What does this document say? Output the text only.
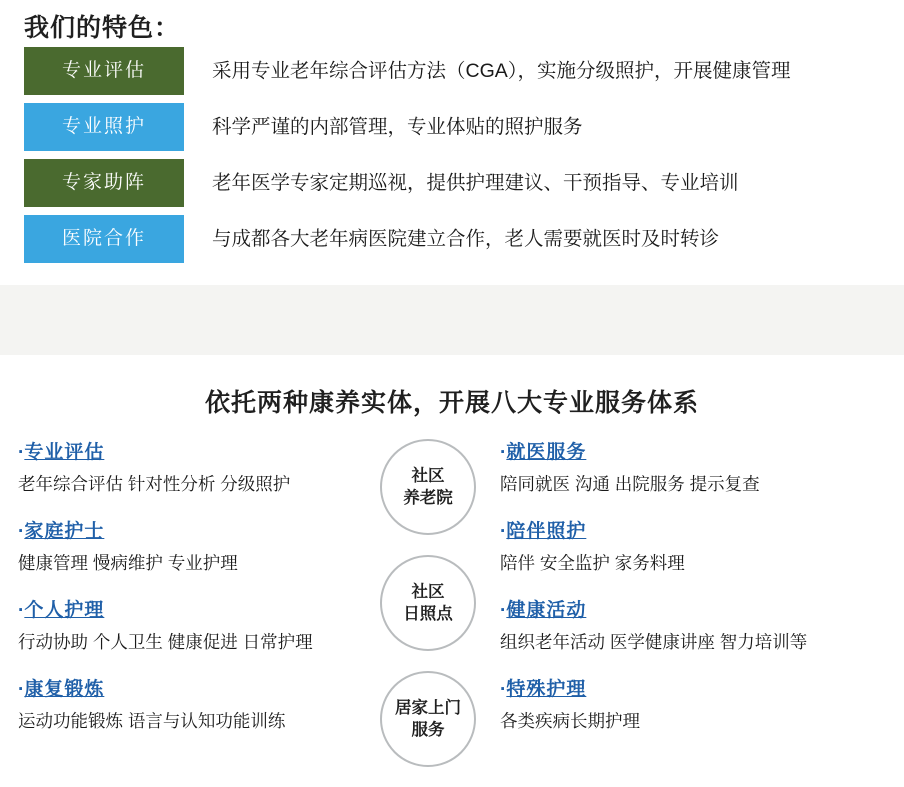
我们的特色：
专业评估	采用专业老年综合评估方法（CGA），实施分级照护，开展健康管理
专业照护	科学严谨的内部管理，专业体贴的照护服务
专家助阵	老年医学专家定期巡视，提供护理建议、干预指导、专业培训
医院合作	与成都各大老年病医院建立合作，老人需要就医时及时转诊
依托两种康养实体，开展八大专业服务体系
·专业评估
老年综合评估 针对性分析 分级照护
·家庭护士
健康管理 慢病维护 专业护理
·个人护理
行动协助 个人卫生 健康促进 日常护理
·康复锻炼
运动功能锻炼 语言与认知功能训练
社区
养老院
社区
日照点
居家上门
服务
·就医服务
陪同就医 沟通 出院服务 提示复查
·陪伴照护
陪伴 安全监护 家务料理
·健康活动
组织老年活动 医学健康讲座 智力培训等
·特殊护理
各类疾病长期护理
